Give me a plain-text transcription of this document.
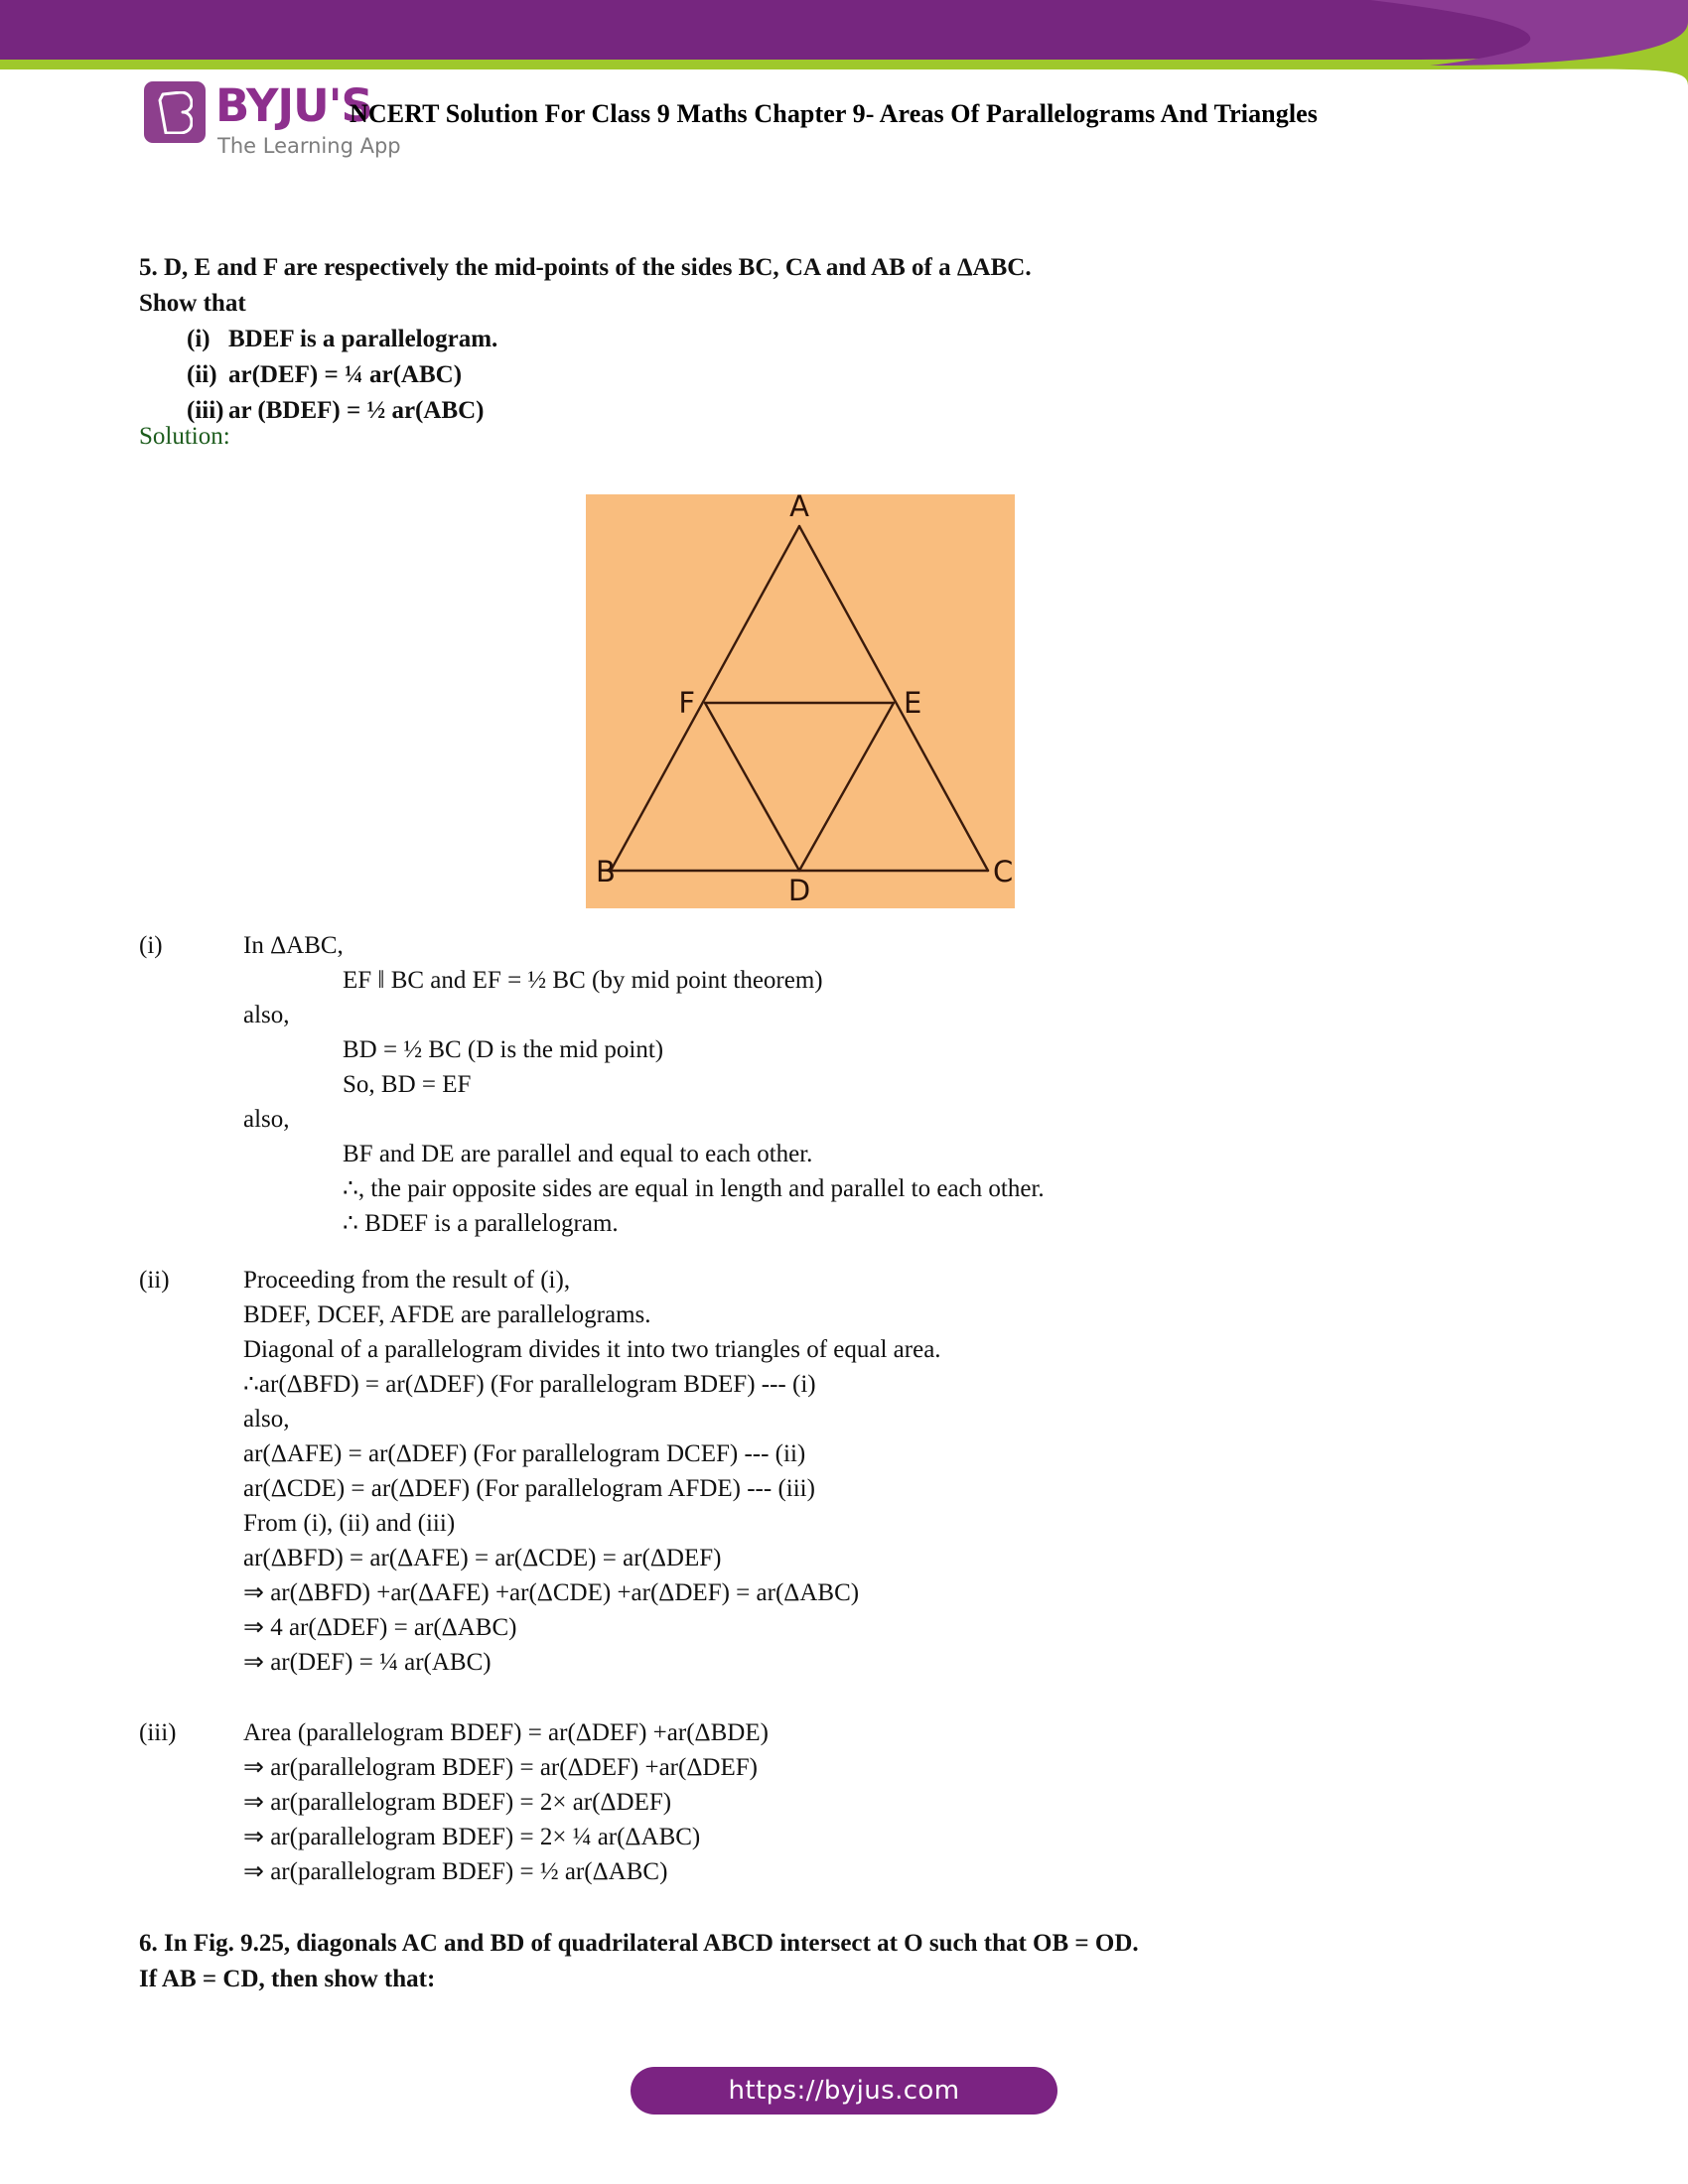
BYJU'S
The Learning App
NCERT Solution For Class 9 Maths Chapter 9- Areas Of Parallelograms And Triangles
5. D, E and F are respectively the mid-points of the sides BC, CA and AB of a ΔABC.
Show that
(i) BDEF is a parallelogram.
(ii) ar(DEF) = ¼ ar(ABC)
(iii) ar (BDEF) = ½ ar(ABC)
Solution:
A
B	C
D
E
F
(i)	In ΔABC,
EF ‖ BC and EF = ½ BC (by mid point theorem)
also,
BD = ½ BC (D is the mid point)
So, BD = EF
also,
BF and DE are parallel and equal to each other.
∴, the pair opposite sides are equal in length and parallel to each other.
∴ BDEF is a parallelogram.
(ii)	Proceeding from the result of (i),
BDEF, DCEF, AFDE are parallelograms.
Diagonal of a parallelogram divides it into two triangles of equal area.
∴ar(ΔBFD) = ar(ΔDEF) (For parallelogram BDEF) --- (i)
also,
ar(ΔAFE) = ar(ΔDEF) (For parallelogram DCEF) --- (ii)
ar(ΔCDE) = ar(ΔDEF) (For parallelogram AFDE) --- (iii)
From (i), (ii) and (iii)
ar(ΔBFD) = ar(ΔAFE) = ar(ΔCDE) = ar(ΔDEF)
⇒ ar(ΔBFD) +ar(ΔAFE) +ar(ΔCDE) +ar(ΔDEF) = ar(ΔABC)
⇒ 4 ar(ΔDEF) = ar(ΔABC)
⇒ ar(DEF) = ¼ ar(ABC)
(iii)	Area (parallelogram BDEF) = ar(ΔDEF) +ar(ΔBDE)
⇒ ar(parallelogram BDEF) = ar(ΔDEF) +ar(ΔDEF)
⇒ ar(parallelogram BDEF) = 2× ar(ΔDEF)
⇒ ar(parallelogram BDEF) = 2× ¼ ar(ΔABC)
⇒ ar(parallelogram BDEF) = ½ ar(ΔABC)
6. In Fig. 9.25, diagonals AC and BD of quadrilateral ABCD intersect at O such that OB = OD.
If AB = CD, then show that:
https://byjus.com
